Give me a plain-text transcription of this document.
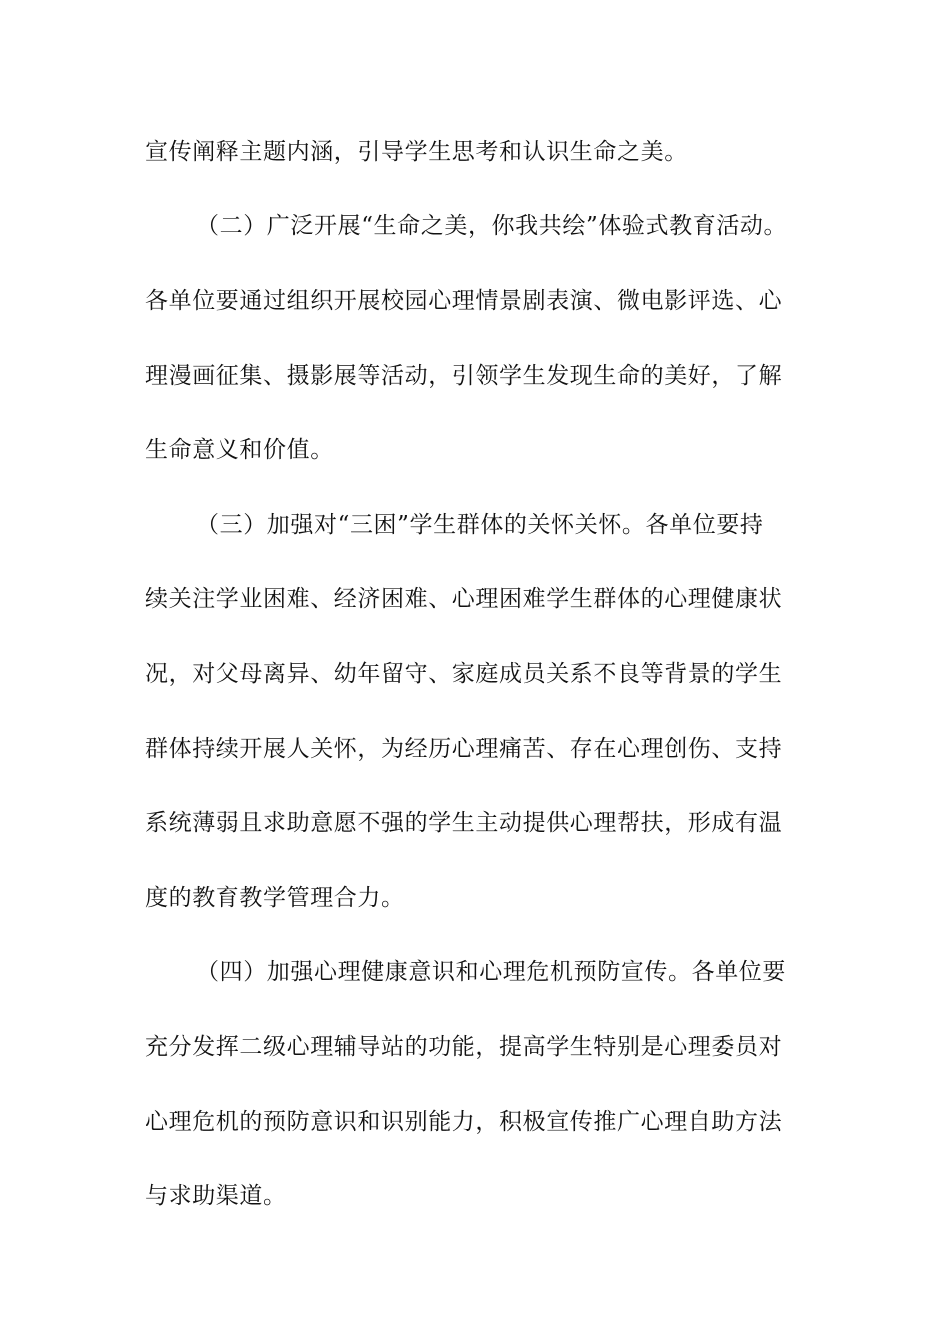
宣传阐释主题内涵，引导学生思考和认识生命之美。
（二）广泛开展“生命之美，你我共绘”体验式教育活动。
各单位要通过组织开展校园心理情景剧表演、微电影评选、心
理漫画征集、摄影展等活动，引领学生发现生命的美好，了解
生命意义和价值。
（三）加强对“三困”学生群体的关怀关怀。各单位要持
续关注学业困难、经济困难、心理困难学生群体的心理健康状
况，对父母离异、幼年留守、家庭成员关系不良等背景的学生
群体持续开展人关怀，为经历心理痛苦、存在心理创伤、支持
系统薄弱且求助意愿不强的学生主动提供心理帮扶，形成有温
度的教育教学管理合力。
（四）加强心理健康意识和心理危机预防宣传。各单位要
充分发挥二级心理辅导站的功能，提高学生特别是心理委员对
心理危机的预防意识和识别能力，积极宣传推广心理自助方法
与求助渠道。
